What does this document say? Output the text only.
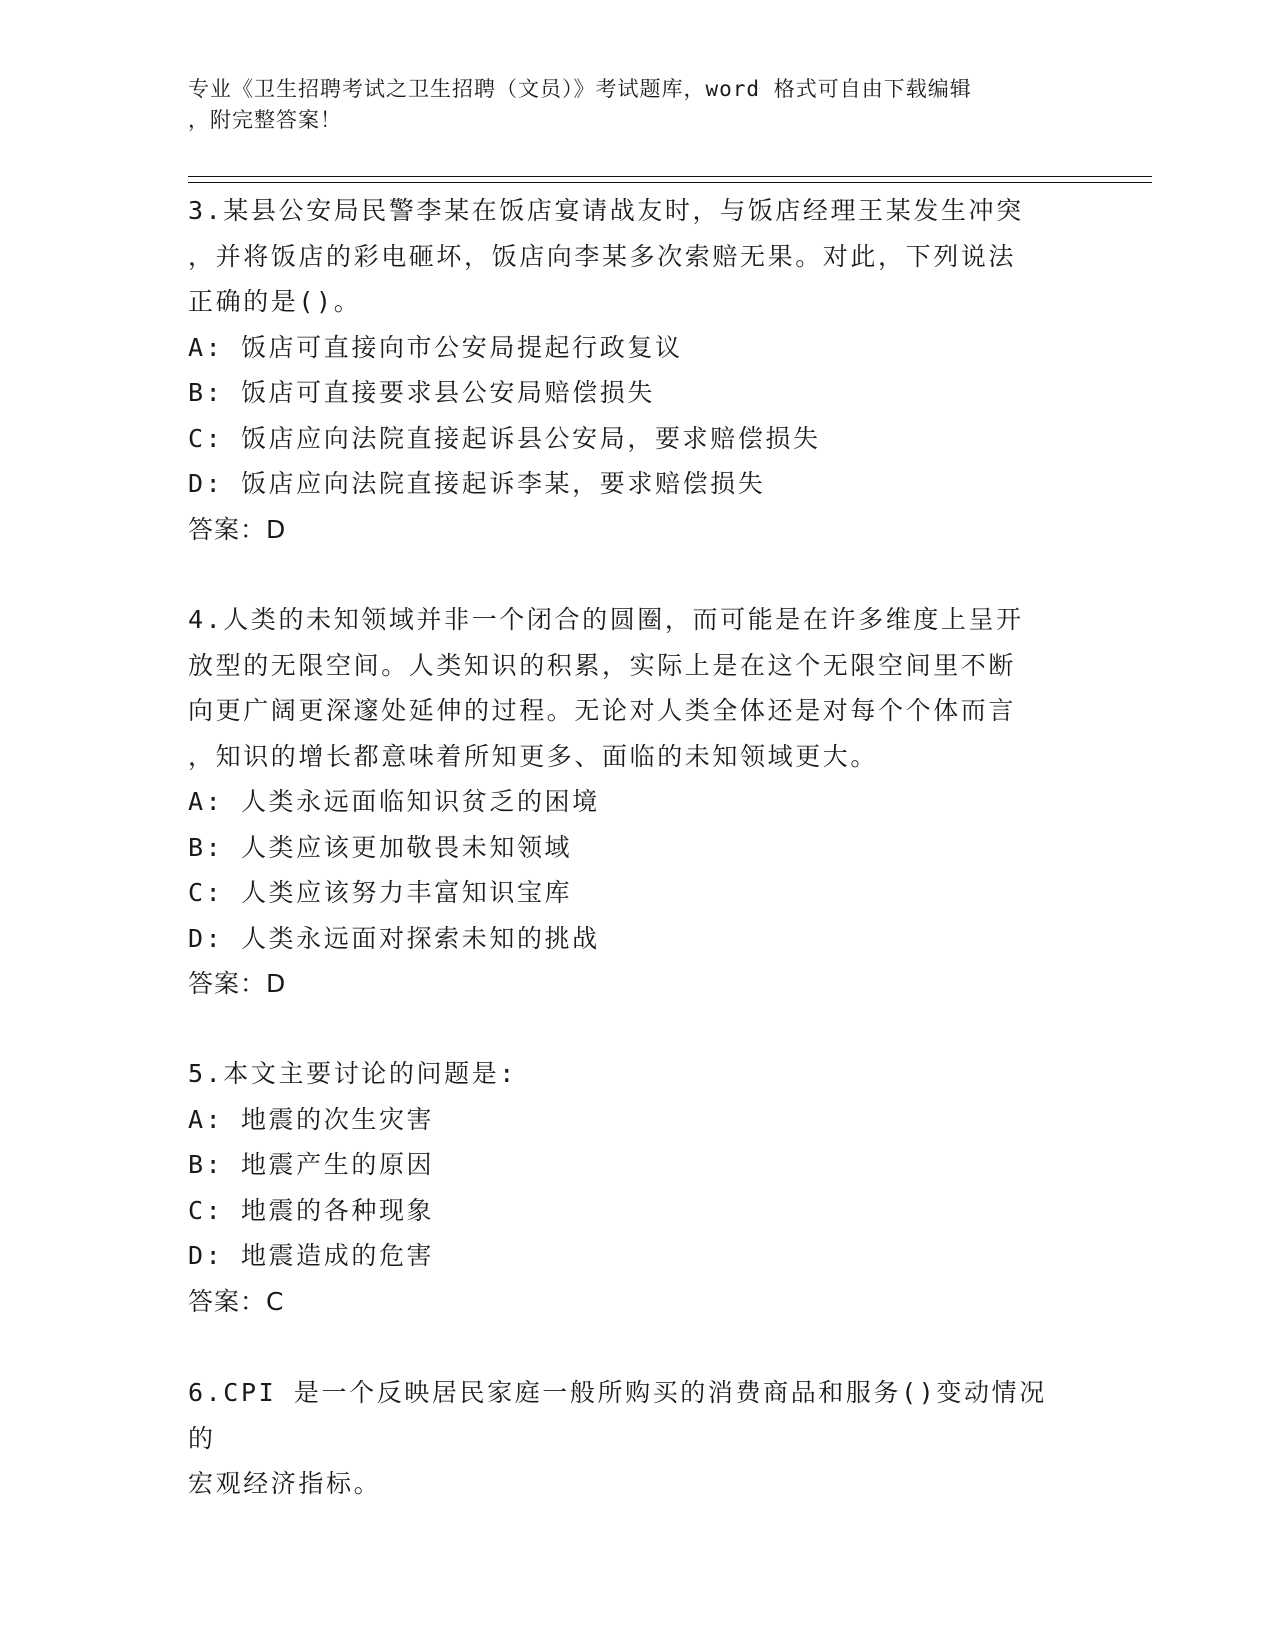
专业《卫生招聘考试之卫生招聘（文员）》考试题库，word 格式可自由下载编辑
，附完整答案！
3.某县公安局民警李某在饭店宴请战友时，与饭店经理王某发生冲突
，并将饭店的彩电砸坏，饭店向李某多次索赔无果。对此，下列说法
正确的是()。
A: 饭店可直接向市公安局提起行政复议
B: 饭店可直接要求县公安局赔偿损失
C: 饭店应向法院直接起诉县公安局，要求赔偿损失
D: 饭店应向法院直接起诉李某，要求赔偿损失
答案：D
4.人类的未知领域并非一个闭合的圆圈，而可能是在许多维度上呈开
放型的无限空间。人类知识的积累，实际上是在这个无限空间里不断
向更广阔更深邃处延伸的过程。无论对人类全体还是对每个个体而言
，知识的增长都意味着所知更多、面临的未知领域更大。
A: 人类永远面临知识贫乏的困境
B: 人类应该更加敬畏未知领域
C: 人类应该努力丰富知识宝库
D: 人类永远面对探索未知的挑战
答案：D
5.本文主要讨论的问题是:
A: 地震的次生灾害
B: 地震产生的原因
C: 地震的各种现象
D: 地震造成的危害
答案：C
6.CPI 是一个反映居民家庭一般所购买的消费商品和服务()变动情况的
宏观经济指标。
